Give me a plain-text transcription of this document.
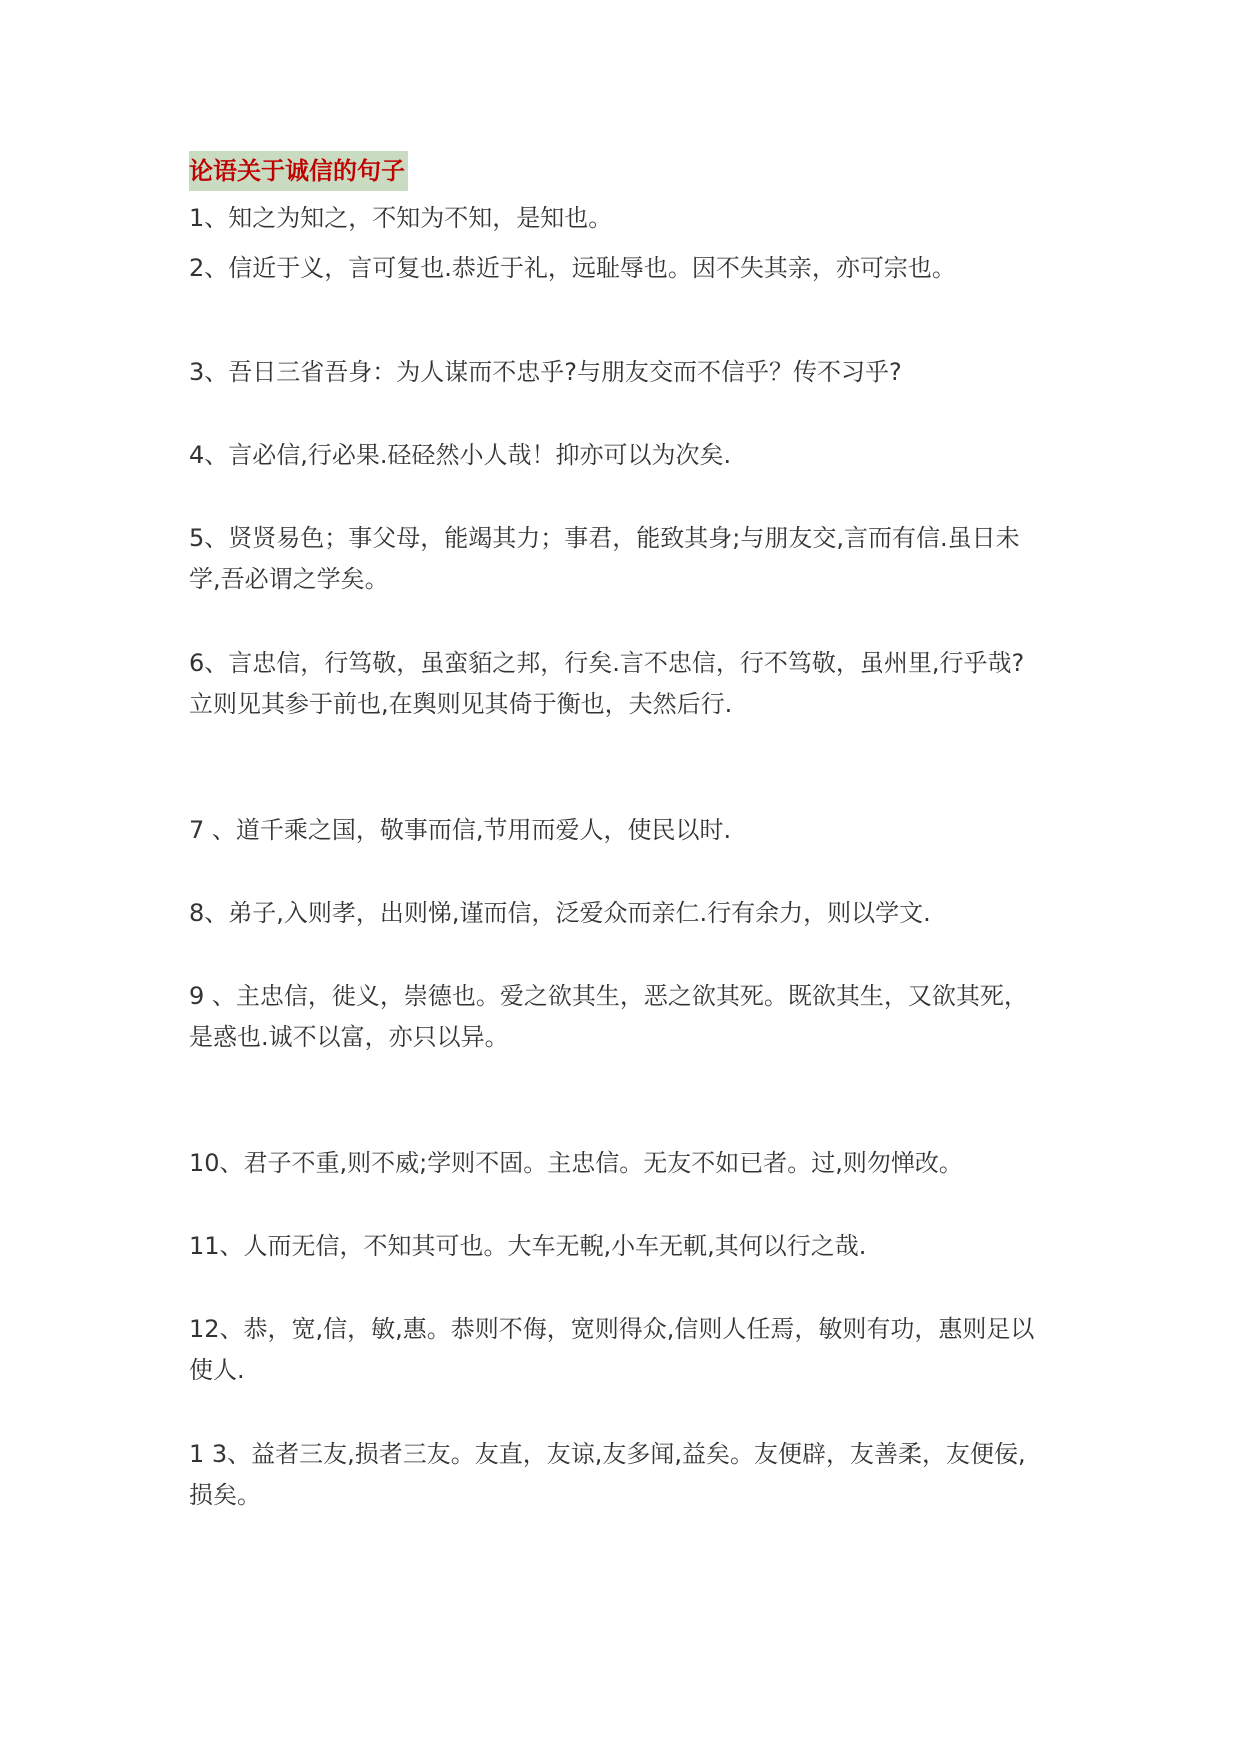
论语关于诚信的句子
1、知之为知之，不知为不知，是知也。
2、信近于义，言可复也.恭近于礼，远耻辱也。因不失其亲，亦可宗也。
3、吾日三省吾身：为人谋而不忠乎?与朋友交而不信乎？传不习乎?
4、言必信,行必果.硁硁然小人哉！抑亦可以为次矣.
5、贤贤易色；事父母，能竭其力；事君，能致其身;与朋友交,言而有信.虽日未
学,吾必谓之学矣。
6、言忠信，行笃敬，虽蛮貊之邦，行矣.言不忠信，行不笃敬，虽州里,行乎哉?
立则见其参于前也,在舆则见其倚于衡也，夫然后行.
7 、道千乘之国，敬事而信,节用而爱人，使民以时.
8、弟子,入则孝，出则悌,谨而信，泛爱众而亲仁.行有余力，则以学文.
9 、主忠信，徙义，崇德也。爱之欲其生，恶之欲其死。既欲其生，又欲其死，
是惑也.诚不以富，亦只以异。
10、君子不重,则不威;学则不固。主忠信。无友不如已者。过,则勿惮改。
11、人而无信，不知其可也。大车无輗,小车无軏,其何以行之哉.
12、恭，宽,信，敏,惠。恭则不侮，宽则得众,信则人任焉，敏则有功，惠则足以
使人.
1 3、益者三友,损者三友。友直，友谅,友多闻,益矣。友便辟，友善柔，友便佞,
损矣。
